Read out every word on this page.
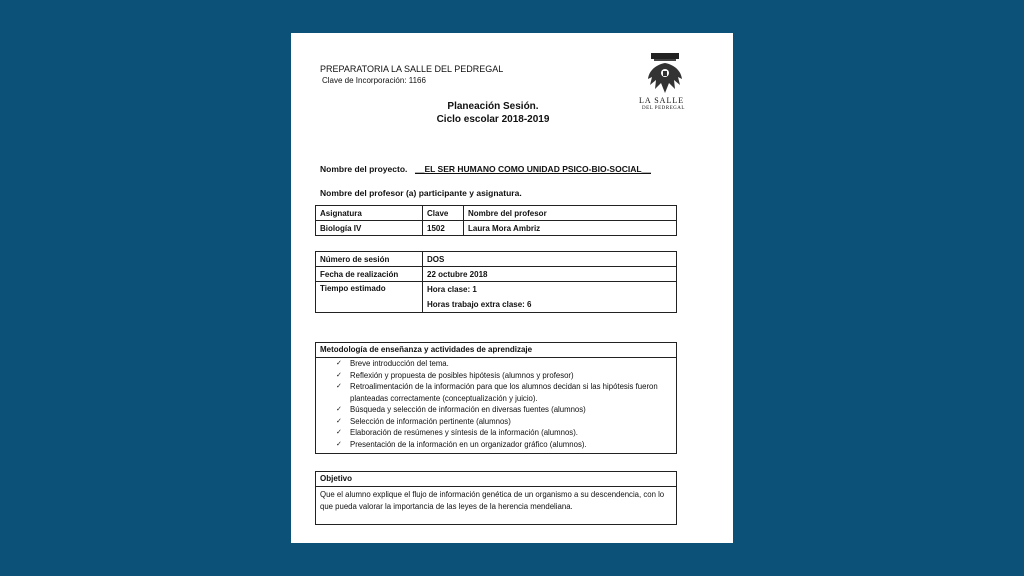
PREPARATORIA LA SALLE DEL PEDREGAL
Clave de Incorporación: 1166
Planeación Sesión.
Ciclo escolar 2018-2019
LA SALLE
DEL PEDREGAL
Nombre del proyecto. __EL SER HUMANO COMO UNIDAD PSICO-BIO-SOCIAL__
Nombre del profesor (a) participante y asignatura.
Asignatura	Clave	Nombre del profesor
Biología IV	1502	Laura Mora Ambriz
Número de sesión	DOS
Fecha de realización	22 octubre 2018
Tiempo estimado	Hora clase: 1
Horas trabajo extra clase: 6
Metodología de enseñanza y actividades de aprendizaje
✓ Breve introducción del tema.
✓ Reflexión y propuesta de posibles hipótesis (alumnos y profesor)
✓ Retroalimentación de la información para que los alumnos decidan si las hipótesis fueron planteadas correctamente (conceptualización y juicio).
✓ Búsqueda y selección de información en diversas fuentes (alumnos)
✓ Selección de información pertinente (alumnos)
✓ Elaboración de resúmenes y síntesis de la información (alumnos).
✓ Presentación de la información en un organizador gráfico (alumnos).
Objetivo
Que el alumno explique el flujo de información genética de un organismo a su descendencia, con lo que pueda valorar la importancia de las leyes de la herencia mendeliana.
